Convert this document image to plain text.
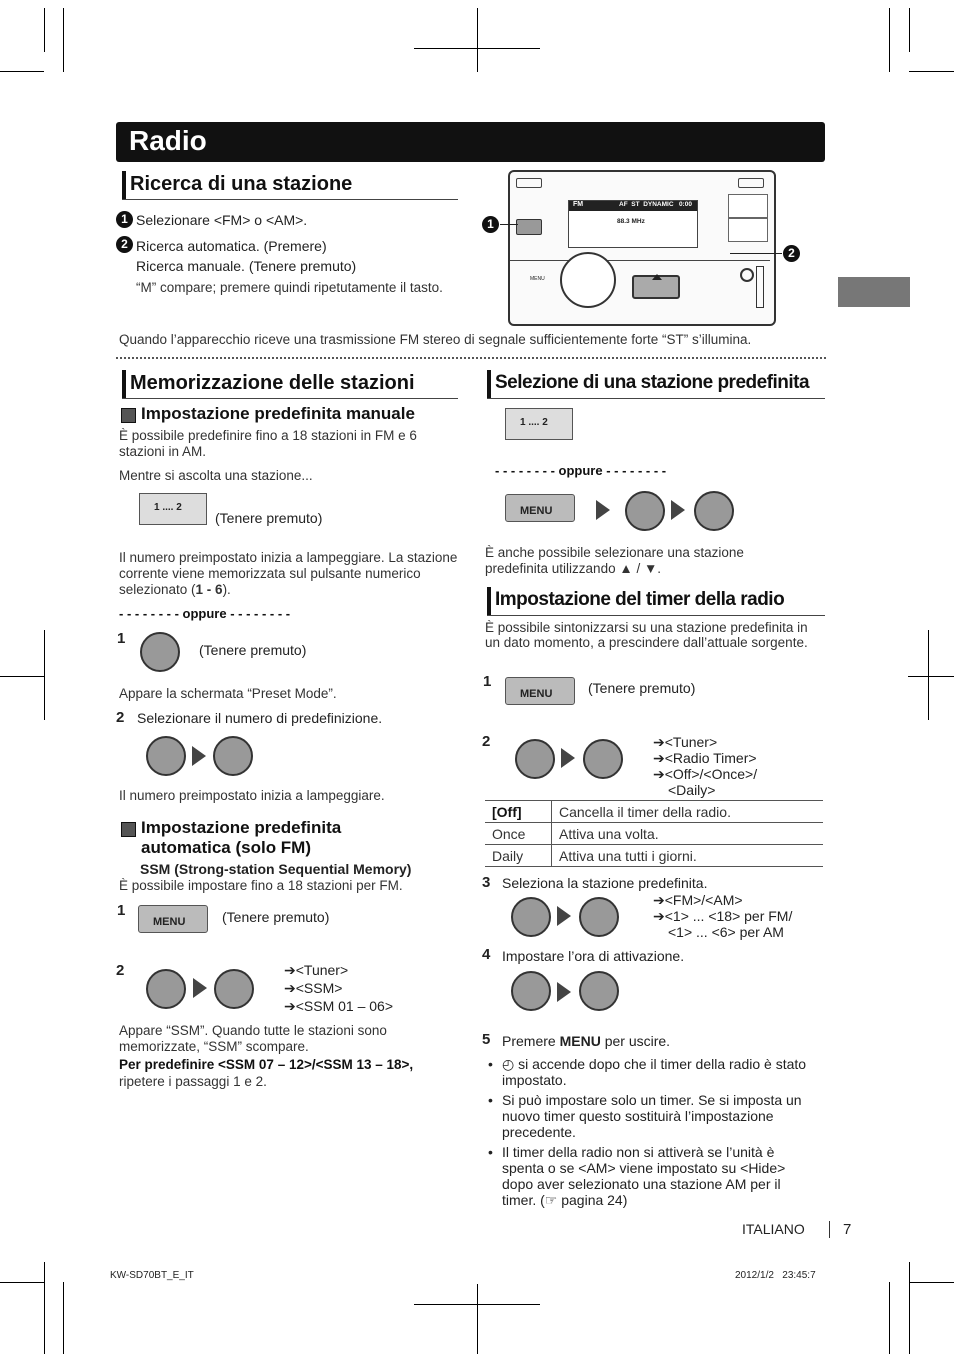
Radio
Ricerca di una stazione
1 Selezionare <FM> o <AM>.
2 Ricerca automatica. (Premere)
Ricerca manuale. (Tenere premuto)
“M” compare; premere quindi ripetutamente il tasto.
FM	AF  ST  DYNAMIC   0:00
88.3 MHz
MENU
1
2
Quando l’apparecchio riceve una trasmissione FM stereo di segnale sufficientemente forte “ST” s’illumina.
Memorizzazione delle stazioni
Impostazione predefinita manuale
È possibile predefinire fino a 18 stazioni in FM e 6 stazioni in AM.
Mentre si ascolta una stazione...
1 .... 2
(Tenere premuto)
Il numero preimpostato inizia a lampeggiare. La stazione corrente viene memorizzata sul pulsante numerico selezionato (1 - 6).
- - - - - - - - oppure - - - - - - - -
1
(Tenere premuto)
Appare la schermata “Preset Mode”.
2 Selezionare il numero di predefinizione.
Il numero preimpostato inizia a lampeggiare.
Impostazione predefinita automatica (solo FM)
SSM (Strong-station Sequential Memory)
È possibile impostare fino a 18 stazioni per FM.
1
MENU	(Tenere premuto)
2	➔<Tuner>
➔<SSM>
➔<SSM 01 – 06>
Appare “SSM”. Quando tutte le stazioni sono memorizzate, “SSM” scompare.
Per predefinire <SSM 07 – 12>/<SSM 13 – 18>,
ripetere i passaggi 1 e 2.
Selezione di una stazione predefinita
1 .... 2
- - - - - - - - oppure - - - - - - - -
MENU
È anche possibile selezionare una stazione predefinita utilizzando ▲ / ▼.
Impostazione del timer della radio
È possibile sintonizzarsi su una stazione predefinita in un dato momento, a prescindere dall’attuale sorgente.
1
MENU	(Tenere premuto)
2	➔<Tuner>
➔<Radio Timer>
➔<Off>/<Once>/
<Daily>
[Off]	Cancella il timer della radio.
Once	Attiva una volta.
Daily	Attiva una tutti i giorni.
3 Seleziona la stazione predefinita.
➔<FM>/<AM>
➔<1> ... <18> per FM/
<1> ... <6> per AM
4 Impostare l’ora di attivazione.
5 Premere MENU per uscire.
• ◴ si accende dopo che il timer della radio è stato impostato.
• Si può impostare solo un timer. Se si imposta un nuovo timer questo sostituirà l’impostazione precedente.
• Il timer della radio non si attiverà se l’unità è spenta o se <AM> viene impostato su <Hide> dopo aver selezionato una stazione AM per il timer. (☞ pagina 24)
ITALIANO	7
KW-SD70BT_E_IT	2012/1/2   23:45:7
